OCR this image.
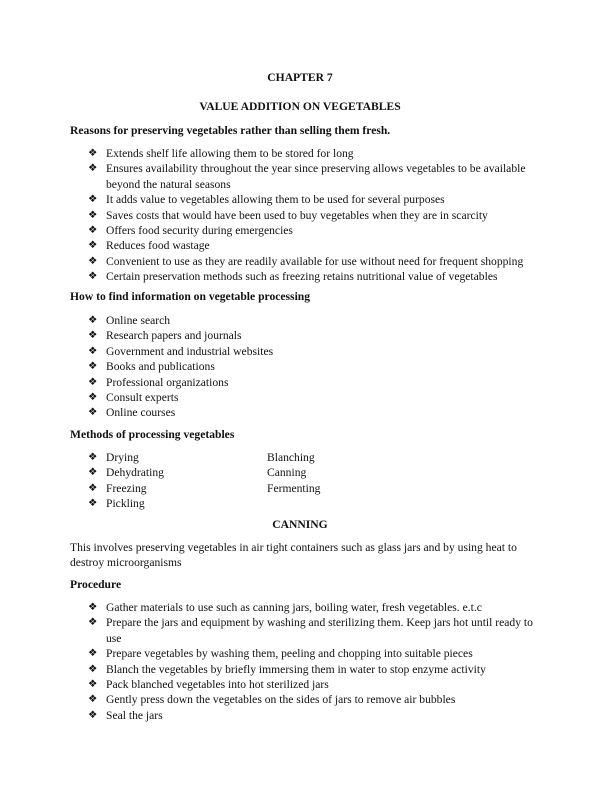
CHAPTER 7
VALUE ADDITION ON VEGETABLES
Reasons for preserving vegetables rather than selling them fresh.
❖ Extends shelf life allowing them to be stored for long
❖ Ensures availability throughout the year since preserving allows vegetables to be available beyond the natural seasons
❖ It adds value to vegetables allowing them to be used for several purposes
❖ Saves costs that would have been used to buy vegetables when they are in scarcity
❖ Offers food security during emergencies
❖ Reduces food wastage
❖ Convenient to use as they are readily available for use without need for frequent shopping
❖ Certain preservation methods such as freezing retains nutritional value of vegetables
How to find information on vegetable processing
❖ Online search
❖ Research papers and journals
❖ Government and industrial websites
❖ Books and publications
❖ Professional organizations
❖ Consult experts
❖ Online courses
Methods of processing vegetables
❖ Drying
❖ Dehydrating
❖ Freezing
❖ Pickling
Blanching
Canning
Fermenting
CANNING
This involves preserving vegetables in air tight containers such as glass jars and by using heat to destroy microorganisms
Procedure
❖ Gather materials to use such as canning jars, boiling water, fresh vegetables. e.t.c
❖ Prepare the jars and equipment by washing and sterilizing them. Keep jars hot until ready to use
❖ Prepare vegetables by washing them, peeling and chopping into suitable pieces
❖ Blanch the vegetables by briefly immersing them in water to stop enzyme activity
❖ Pack blanched vegetables into hot sterilized jars
❖ Gently press down the vegetables on the sides of jars to remove air bubbles
❖ Seal the jars
